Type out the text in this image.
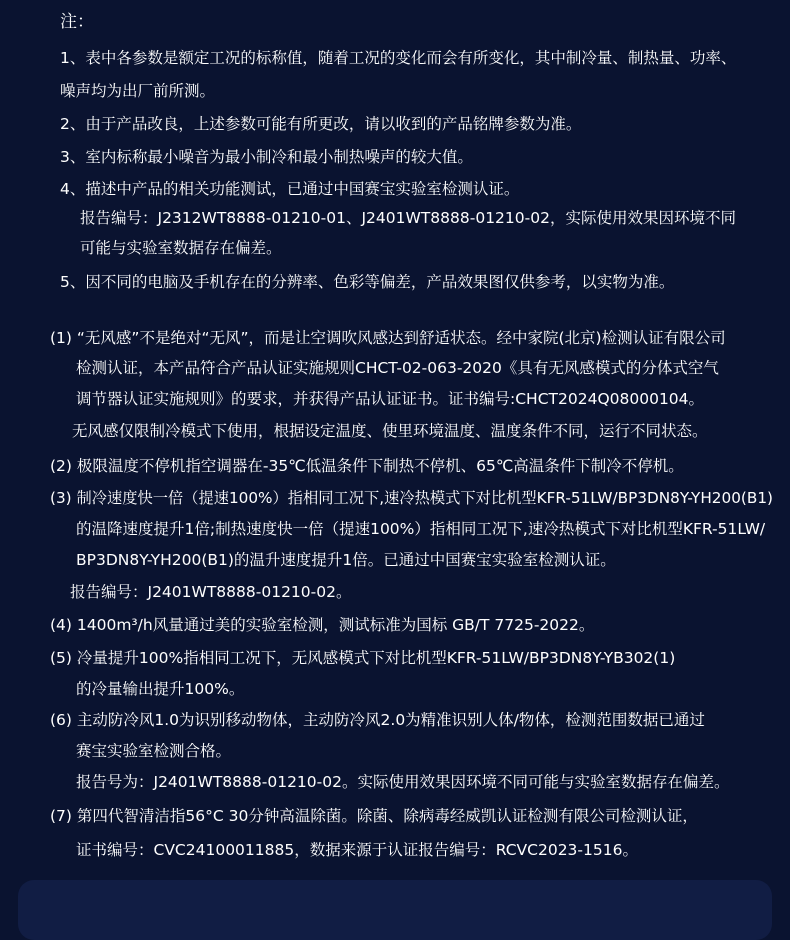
注：
1、表中各参数是额定工况的标称值，随着工况的变化而会有所变化，其中制冷量、制热量、功率、
噪声均为出厂前所测。
2、由于产品改良，上述参数可能有所更改，请以收到的产品铭牌参数为准。
3、室内标称最小噪音为最小制冷和最小制热噪声的较大值。
4、描述中产品的相关功能测试，已通过中国赛宝实验室检测认证。
报告编号：J2312WT8888-01210-01、J2401WT8888-01210-02，实际使用效果因环境不同
可能与实验室数据存在偏差。
5、因不同的电脑及手机存在的分辨率、色彩等偏差，产品效果图仅供参考，以实物为准。
(1) “无风感”不是绝对“无风”，而是让空调吹风感达到舒适状态。经中家院(北京)检测认证有限公司
检测认证，本产品符合产品认证实施规则CHCT-02-063-2020《具有无风感模式的分体式空气
调节器认证实施规则》的要求，并获得产品认证证书。证书编号:CHCT2024Q08000104。
无风感仅限制冷模式下使用，根据设定温度、使里环境温度、温度条件不同，运行不同状态。
(2) 极限温度不停机指空调器在-35℃低温条件下制热不停机、65℃高温条件下制冷不停机。
(3) 制冷速度快一倍（提速100%）指相同工况下,速冷热模式下对比机型KFR-51LW/BP3DN8Y-YH200(B1)
的温降速度提升1倍;制热速度快一倍（提速100%）指相同工况下,速冷热模式下对比机型KFR-51LW/
BP3DN8Y-YH200(B1)的温升速度提升1倍。已通过中国赛宝实验室检测认证。
报告编号：J2401WT8888-01210-02。
(4) 1400m³/h风量通过美的实验室检测，测试标准为国标 GB/T 7725-2022。
(5) 冷量提升100%指相同工况下，无风感模式下对比机型KFR-51LW/BP3DN8Y-YB302(1)
的冷量输出提升100%。
(6) 主动防冷风1.0为识别移动物体，主动防冷风2.0为精准识别人体/物体，检测范围数据已通过
赛宝实验室检测合格。
报告号为：J2401WT8888-01210-02。实际使用效果因环境不同可能与实验室数据存在偏差。
(7) 第四代智清洁指56°C 30分钟高温除菌。除菌、除病毒经威凯认证检测有限公司检测认证，
证书编号：CVC24100011885，数据来源于认证报告编号：RCVC2023-1516。
